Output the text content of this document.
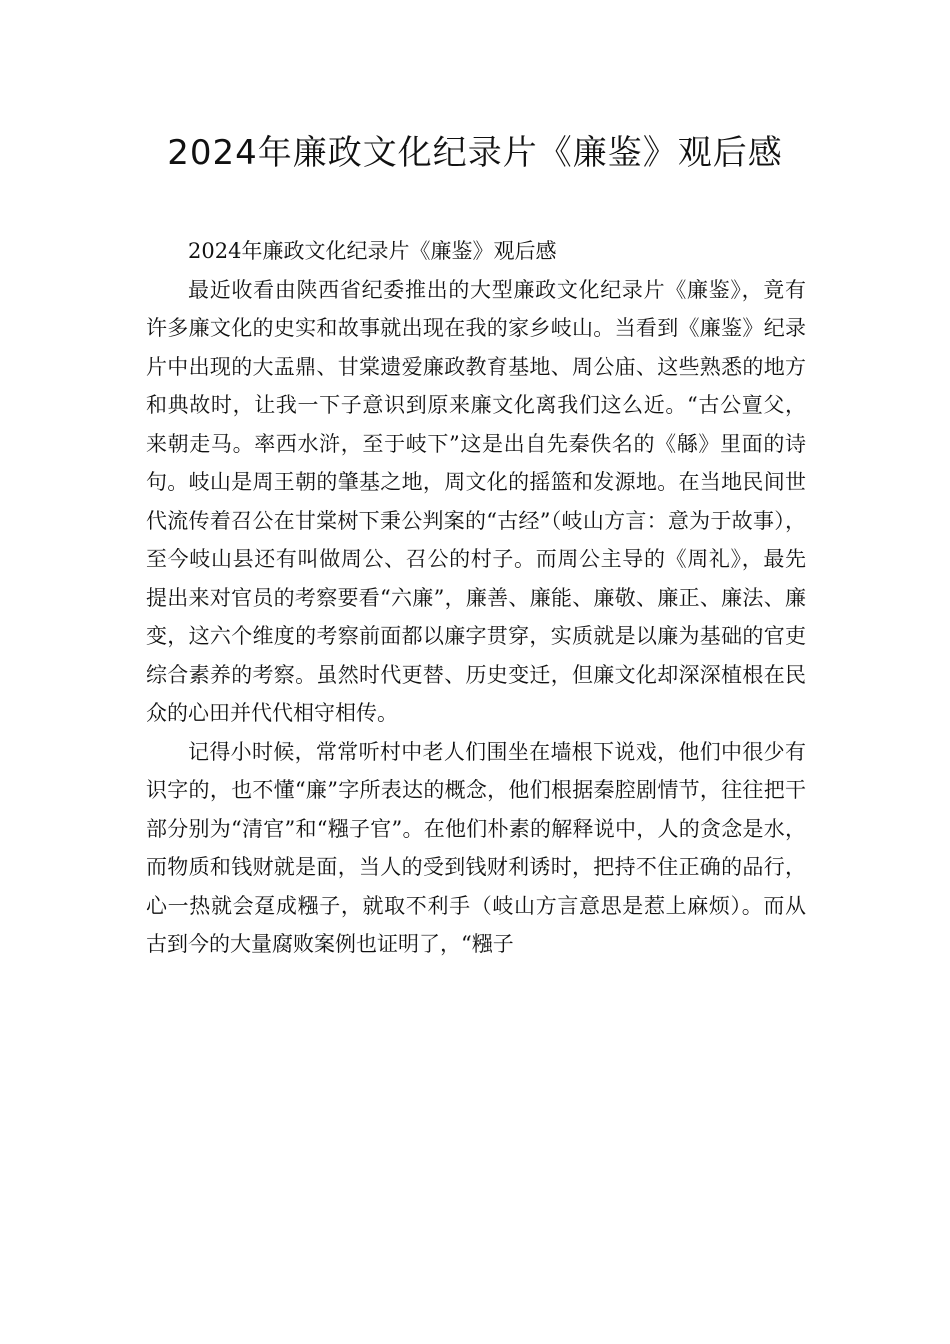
2024年廉政文化纪录片《廉鉴》观后感

2024年廉政文化纪录片《廉鉴》观后感

最近收看由陕西省纪委推出的大型廉政文化纪录片《廉鉴》，竟有许多廉文化的史实和故事就出现在我的家乡岐山。当看到《廉鉴》纪录片中出现的大盂鼎、甘棠遗爱廉政教育基地、周公庙、这些熟悉的地方和典故时，让我一下子意识到原来廉文化离我们这么近。“古公亶父，来朝走马。率西水浒，至于岐下”这是出自先秦佚名的《緜》里面的诗句。岐山是周王朝的肇基之地，周文化的摇篮和发源地。在当地民间世代流传着召公在甘棠树下秉公判案的“古经”（岐山方言：意为于故事），至今岐山县还有叫做周公、召公的村子。而周公主导的《周礼》，最先提出来对官员的考察要看“六廉”，廉善、廉能、廉敬、廉正、廉法、廉变，这六个维度的考察前面都以廉字贯穿，实质就是以廉为基础的官吏综合素养的考察。虽然时代更替、历史变迁，但廉文化却深深植根在民众的心田并代代相守相传。

记得小时候，常常听村中老人们围坐在墙根下说戏，他们中很少有识字的，也不懂“廉”字所表达的概念，他们根据秦腔剧情节，往往把干部分别为“清官”和“糨子官”。在他们朴素的解释说中，人的贪念是水，而物质和钱财就是面，当人的受到钱财利诱时，把持不住正确的品行，心一热就会趸成糨子，就取不利手（岐山方言意思是惹上麻烦）。而从古到今的大量腐败案例也证明了，“糨子
